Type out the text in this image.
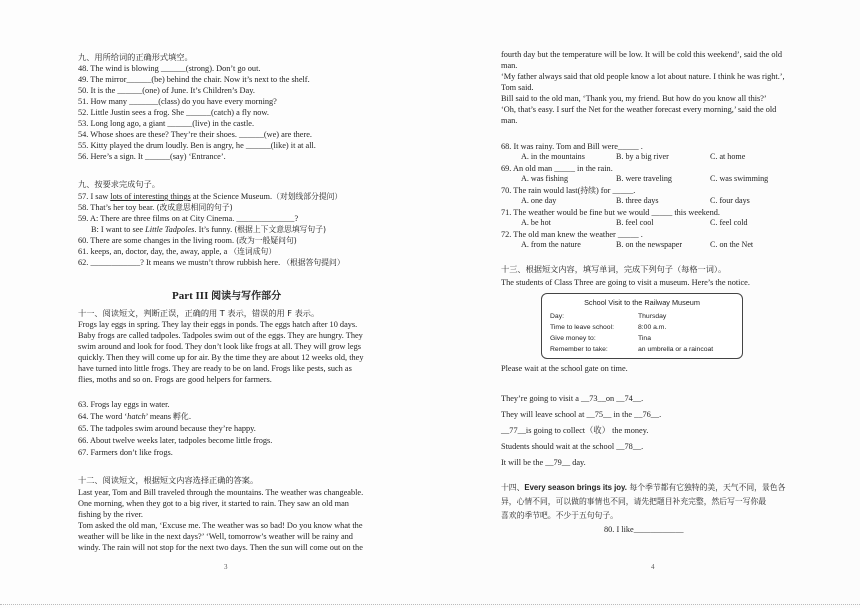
九、用所给词的正确形式填空。
48. The wind is blowing ______(strong). Don’t go out.
49. The mirror______(be) behind the chair. Now it’s next to the shelf.
50. It is the ______(one) of June. It’s Children’s Day.
51. How many _______(class) do you have every morning?
52. Little Justin sees a frog. She ______(catch) a fly now.
53. Long long ago, a giant ______(live) in the castle.
54. Whose shoes are these? They’re their shoes. ______(we) are there.
55. Kitty played the drum loudly. Ben is angry, he ______(like) it at all.
56. Here’s a sign. It ______(say) ‘Entrance’.
九、按要求完成句子。
57. I saw lots of interesting things at the Science Museum.（对划线部分提问）
58. That’s her toy bear. (改成意思相同的句子)
59. A: There are three films on at City Cinema. ______________?
B: I want to see Little Tadpoles. It’s funny. (根据上下文意思填写句子)
60. There are some changes in the living room. (改为一般疑问句)
61. keeps, an, doctor, day, the, away, apple, a （连词成句）
62. ____________? It means we mustn’t throw rubbish here. （根据答句提问）
Part III 阅读与写作部分
十一、阅读短文，判断正误，正确的用 T 表示，错误的用 F 表示。
Frogs lay eggs in spring. They lay their eggs in ponds. The eggs hatch after 10 days.
Baby frogs are called tadpoles. Tadpoles swim out of the eggs. They are hungry. They
swim around and look for food. They don’t look like frogs at all. They will grow legs
quickly. Then they will come up for air. By the time they are about 12 weeks old, they
have turned into little frogs. They are ready to be on land. Frogs like pests, such as
flies, moths and so on. Frogs are good helpers for farmers.
63. Frogs lay eggs in water.
64. The word ‘hatch’ means 孵化.
65. The tadpoles swim around because they’re happy.
66. About twelve weeks later, tadpoles become little frogs.
67. Farmers don’t like frogs.
十二、阅读短文，根据短文内容选择正确的答案。
Last year, Tom and Bill traveled through the mountains. The weather was changeable.
One morning, when they got to a big river, it started to rain. They saw an old man
fishing by the river.
Tom asked the old man, ‘Excuse me. The weather was so bad! Do you know what the
weather will be like in the next days?’ ‘Well, tomorrow’s weather will be rainy and
windy. The rain will not stop for the next two days. Then the sun will come out on the
3
fourth day but the temperature will be low. It will be cold this weekend’, said the old
man.
‘My father always said that old people know a lot about nature. I think he was right.’,
Tom said.
Bill said to the old man, ‘Thank you, my friend. But how do you know all this?’
‘Oh, that’s easy. I surf the Net for the weather forecast every morning,’ said the old
man.
68. It was rainy. Tom and Bill were_____ .
A. in the mountains	B. by a big river	C. at home
69. An old man _____ in the rain.
A. was fishing	B. were traveling	C. was swimming
70. The rain would last(持续) for _____.
A. one day	B. three days	C. four days
71. The weather would be fine but we would _____ this weekend.
A. be hot	B. feel cool	C. feel cold
72. The old man knew the weather _____ .
A. from the nature	B. on the newspaper	C. on the Net
十三、根据短文内容，填写单词，完成下列句子（每格一词）。
The students of Class Three are going to visit a museum. Here’s the notice.
School Visit to the Railway Museum
Day:	Thursday
Time to leave school:	8:00 a.m.
Give money to:	Tina
Remember to take:	an umbrella or a raincoat
Please wait at the school gate on time.
They’re going to visit a __73__on __74__.
They will leave school at __75__ in the __76__.
__77__is going to collect（收） the money.
Students should wait at the school __78__.
It will be the __79__ day.
十四、Every season brings its joy. 每个季节都有它独特的美，天气不同，景色各
异，心情不同，可以做的事情也不同，请先把题目补充完整，然后写一写你最
喜欢的季节吧。不少于五句句子。
80. I like____________
4
